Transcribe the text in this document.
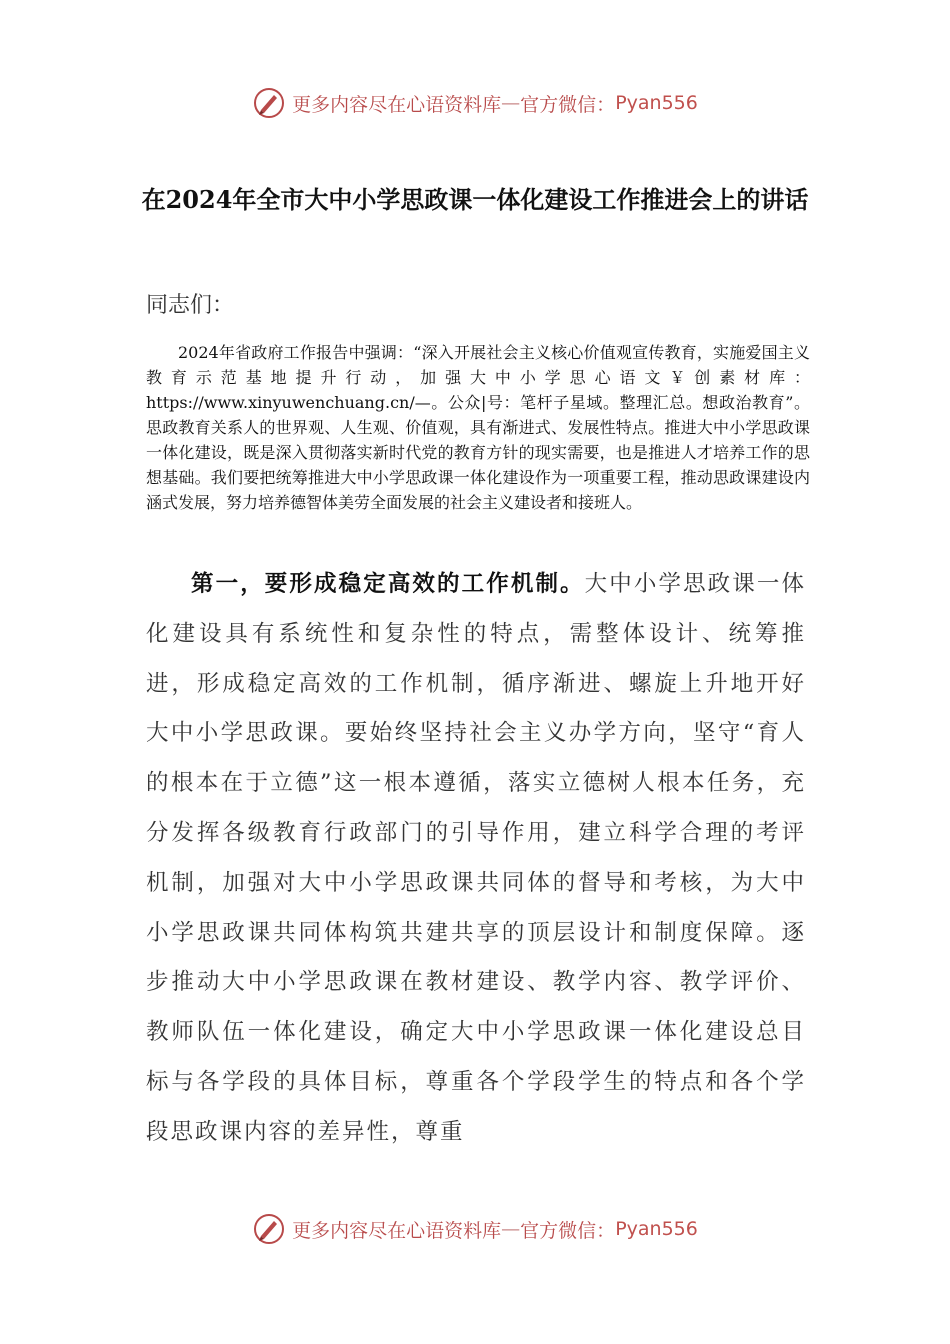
更多内容尽在心语资料库 — 官方微信： Pyan556
在2024年全市大中小学思政课一体化建设工作推进会上的讲话
同志们：
2024年省政府工作报告中强调：“深入开展社会主义核心价值观宣传教育，实施爱国主义教育示范基地提升行动，加强大中小学思心语文￥创素材库：https://www.xinyuwenchuang.cn/—。公众|号：笔杆子星域。整理汇总。想政治教育”。思政教育关系人的世界观、人生观、价值观，具有渐进式、发展性特点。推进大中小学思政课一体化建设，既是深入贯彻落实新时代党的教育方针的现实需要，也是推进人才培养工作的思想基础。我们要把统筹推进大中小学思政课一体化建设作为一项重要工程，推动思政课建设内涵式发展，努力培养德智体美劳全面发展的社会主义建设者和接班人。
第一，要形成稳定高效的工作机制。大中小学思政课一体化建设具有系统性和复杂性的特点，需整体设计、统筹推进，形成稳定高效的工作机制，循序渐进、螺旋上升地开好大中小学思政课。要始终坚持社会主义办学方向，坚守“育人的根本在于立德”这一根本遵循，落实立德树人根本任务，充分发挥各级教育行政部门的引导作用，建立科学合理的考评机制，加强对大中小学思政课共同体的督导和考核，为大中小学思政课共同体构筑共建共享的顶层设计和制度保障。逐步推动大中小学思政课在教材建设、教学内容、教学评价、教师队伍一体化建设，确定大中小学思政课一体化建设总目标与各学段的具体目标，尊重各个学段学生的特点和各个学段思政课内容的差异性，尊重
更多内容尽在心语资料库 — 官方微信： Pyan556
